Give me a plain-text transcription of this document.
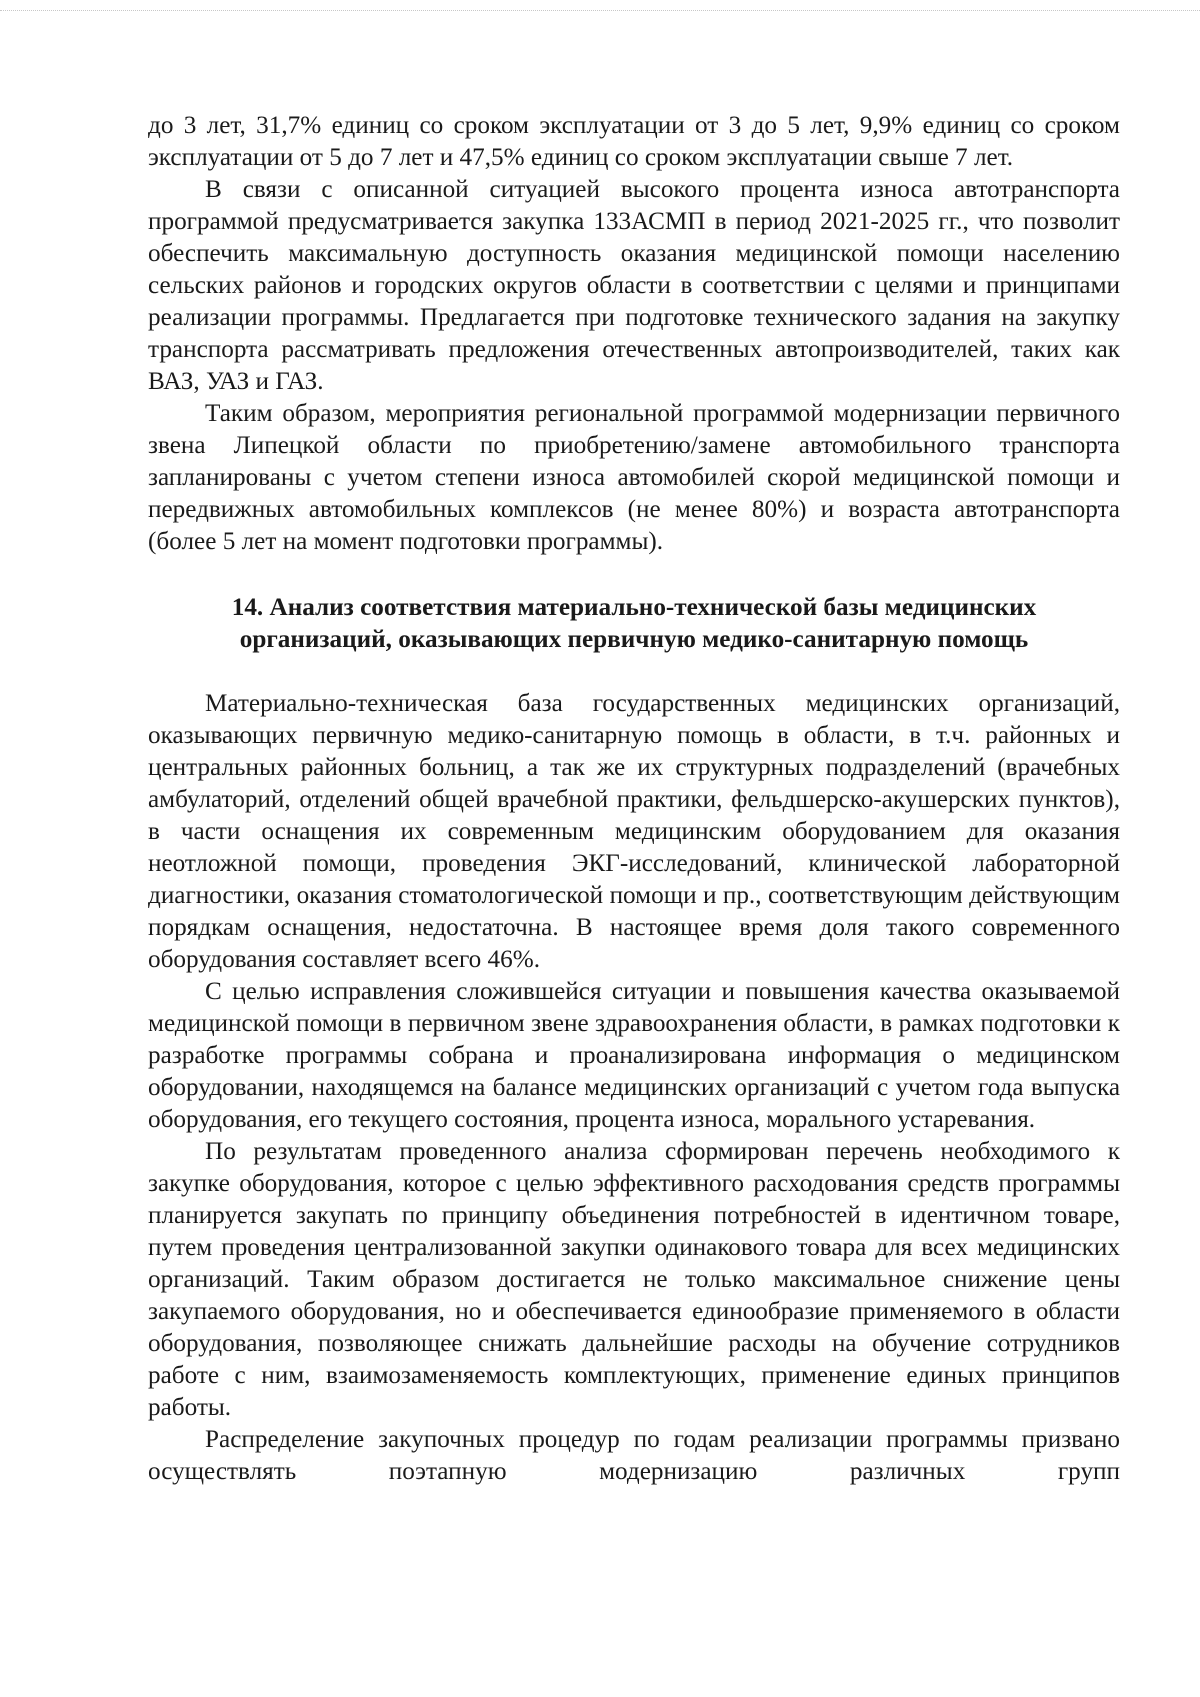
до 3 лет, 31,7% единиц со сроком эксплуатации от 3 до 5 лет, 9,9% единиц со сроком эксплуатации от 5 до 7 лет и 47,5% единиц со сроком эксплуатации свыше 7 лет.

В связи с описанной ситуацией высокого процента износа автотранспорта программой предусматривается закупка 133АСМП в период 2021-2025 гг., что позволит обеспечить максимальную доступность оказания медицинской помощи населению сельских районов и городских округов области в соответствии с целями и принципами реализации программы. Предлагается при подготовке технического задания на закупку транспорта рассматривать предложения отечественных автопроизводителей, таких как ВАЗ, УАЗ и ГАЗ.

Таким образом, мероприятия региональной программой модернизации первичного звена Липецкой области по приобретению/замене автомобильного транспорта запланированы с учетом степени износа автомобилей скорой медицинской помощи и передвижных автомобильных комплексов (не менее 80%) и возраста автотранспорта (более 5 лет на момент подготовки программы).

14. Анализ соответствия материально-технической базы медицинских
организаций, оказывающих первичную медико-санитарную помощь

Материально-техническая база государственных медицинских организаций, оказывающих первичную медико-санитарную помощь в области, в т.ч. районных и центральных районных больниц, а так же их структурных подразделений (врачебных амбулаторий, отделений общей врачебной практики, фельдшерско-акушерских пунктов), в части оснащения их современным медицинским оборудованием для оказания неотложной помощи, проведения ЭКГ-исследований, клинической лабораторной диагностики, оказания стоматологической помощи и пр., соответствующим действующим порядкам оснащения, недостаточна. В настоящее время доля такого современного оборудования составляет всего 46%.

С целью исправления сложившейся ситуации и повышения качества оказываемой медицинской помощи в первичном звене здравоохранения области, в рамках подготовки к разработке программы собрана и проанализирована информация о медицинском оборудовании, находящемся на балансе медицинских организаций с учетом года выпуска оборудования, его текущего состояния, процента износа, морального устаревания.

По результатам проведенного анализа сформирован перечень необходимого к закупке оборудования, которое с целью эффективного расходования средств программы планируется закупать по принципу объединения потребностей в идентичном товаре, путем проведения централизованной закупки одинакового товара для всех медицинских организаций. Таким образом достигается не только максимальное снижение цены закупаемого оборудования, но и обеспечивается единообразие применяемого в области оборудования, позволяющее снижать дальнейшие расходы на обучение сотрудников работе с ним, взаимозаменяемость комплектующих, применение единых принципов работы.

Распределение закупочных процедур по годам реализации программы призвано осуществлять поэтапную модернизацию различных групп
